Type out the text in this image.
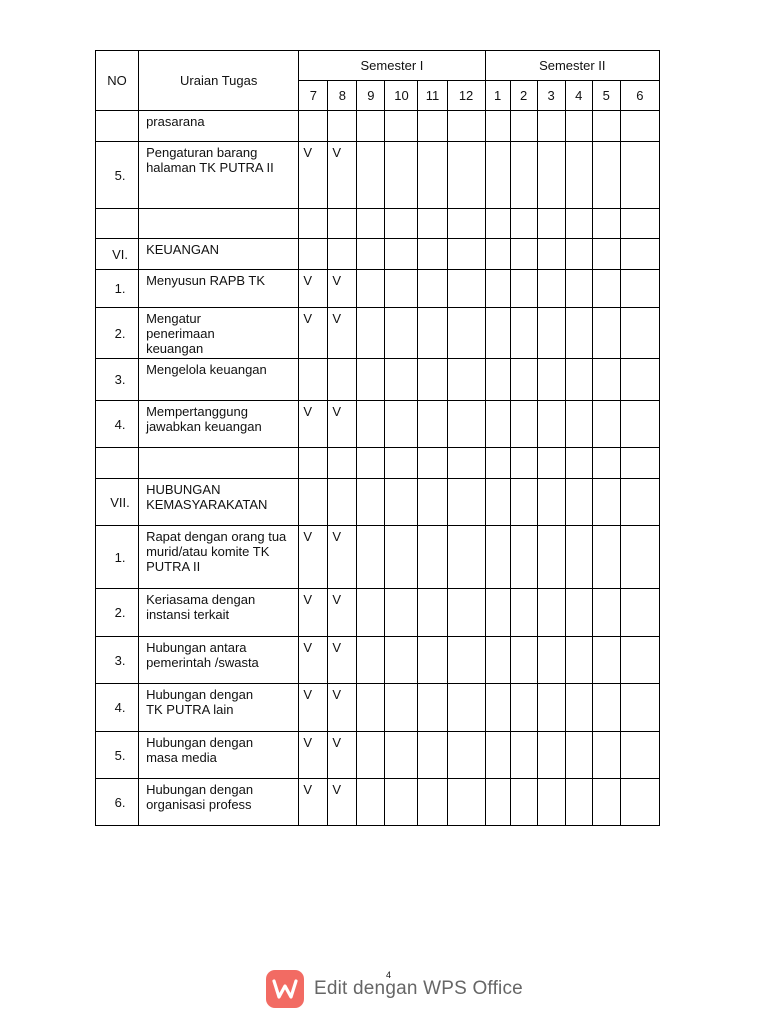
NO	Uraian Tugas	Semester I						Semester II					
		7	8	9	10	11	12	1	2	3	4	5	6
	prasarana												
5.	Pengaturan barang
halaman TK PUTRA II	V	V										

VI.	KEUANGAN												
1.	Menyusun RAPB TK	V	V										
2.	Mengatur
penerimaan
keuangan	V	V										
3.	Mengelola keuangan												
4.	Mempertanggung
jawabkan keuangan	V	V										

VII.	HUBUNGAN
KEMASYARAKATAN												
1.	Rapat dengan orang tua
murid/atau komite TK
PUTRA II	V	V										
2.	Keriasama dengan
instansi terkait	V	V										
3.	Hubungan antara
pemerintah /swasta	V	V										
4.	Hubungan dengan
TK PUTRA lain	V	V										
5.	Hubungan dengan
masa media	V	V										
6.	Hubungan dengan
organisasi profess	V	V										
4
Edit dengan WPS Office
